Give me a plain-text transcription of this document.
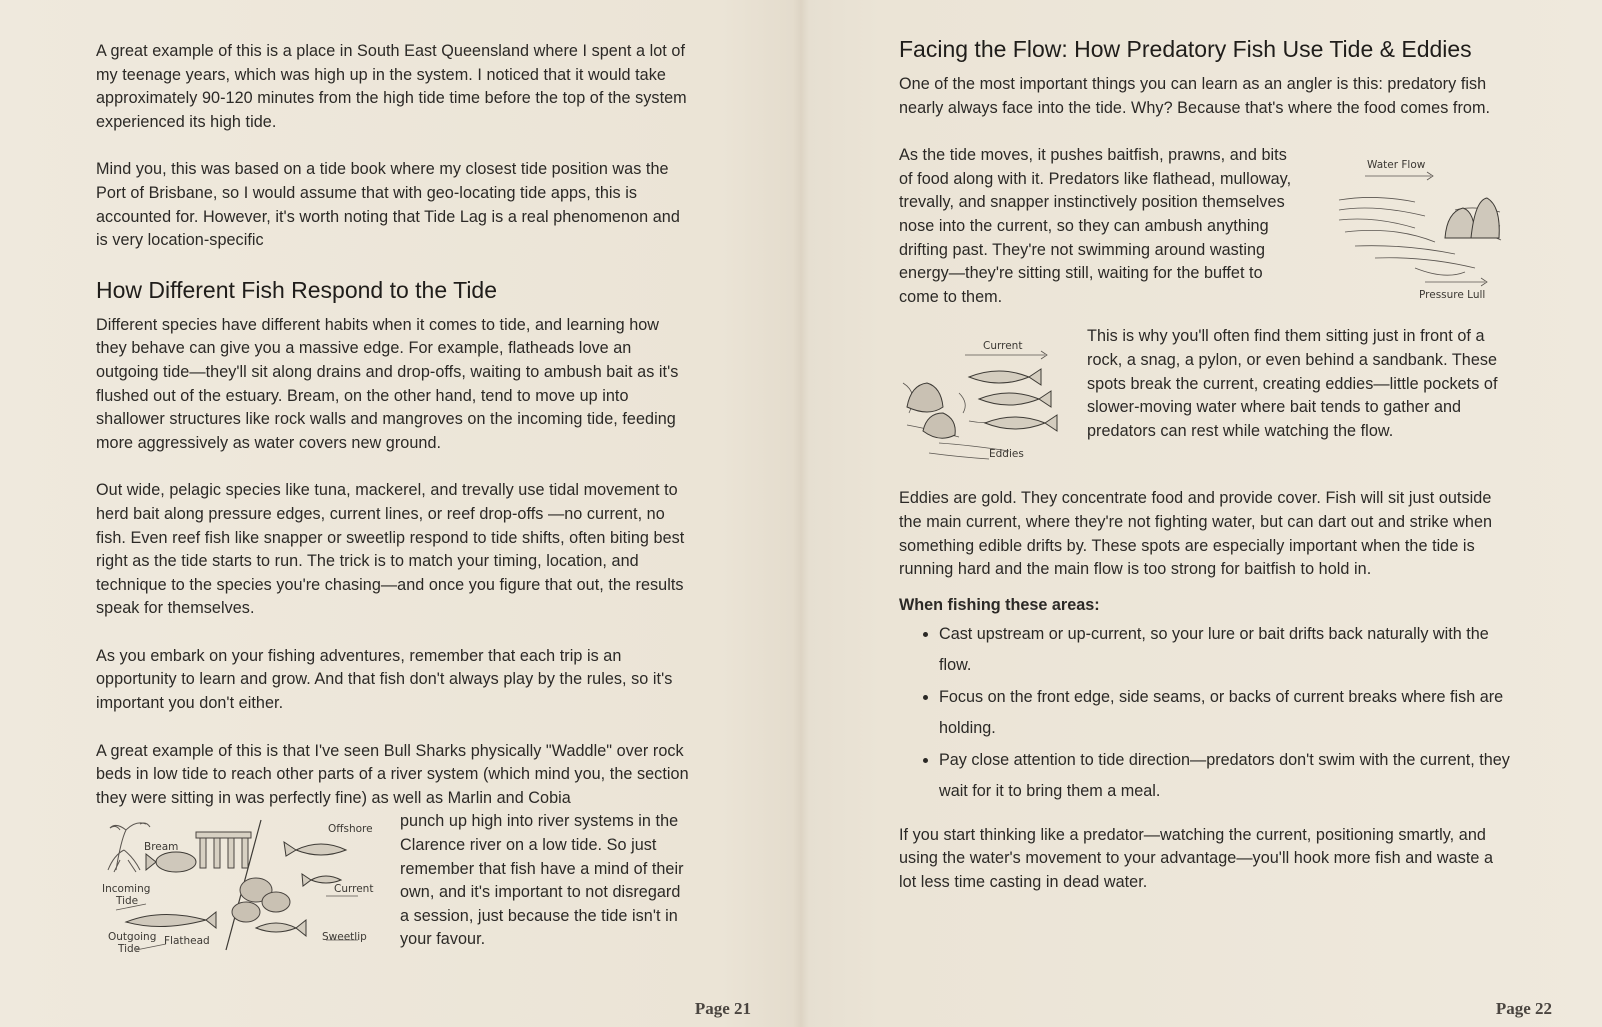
A great example of this is a place in South East Queensland where I spent a lot of my teenage years, which was high up in the system. I noticed that it would take approximately 90-120 minutes from the high tide time before the top of the system experienced its high tide.

Mind you, this was based on a tide book where my closest tide position was the Port of Brisbane, so I would assume that with geo-locating tide apps, this is accounted for. However, it's worth noting that Tide Lag is a real phenomenon and is very location-specific

How Different Fish Respond to the Tide

Different species have different habits when it comes to tide, and learning how they behave can give you a massive edge. For example, flatheads love an outgoing tide—they'll sit along drains and drop-offs, waiting to ambush bait as it's flushed out of the estuary. Bream, on the other hand, tend to move up into shallower structures like rock walls and mangroves on the incoming tide, feeding more aggressively as water covers new ground.

Out wide, pelagic species like tuna, mackerel, and trevally use tidal movement to herd bait along pressure edges, current lines, or reef drop-offs —no current, no fish. Even reef fish like snapper or sweetlip respond to tide shifts, often biting best right as the tide starts to run. The trick is to match your timing, location, and technique to the species you're chasing—and once you figure that out, the results speak for themselves.

As you embark on your fishing adventures, remember that each trip is an opportunity to learn and grow. And that fish don't always play by the rules, so it's important you don't either.

A great example of this is that I've seen Bull Sharks physically "Waddle" over rock beds in low tide to reach other parts of a river system (which mind you, the section they were sitting in was perfectly fine) as well as Marlin and Cobia

Bream
Offshore
Incoming
Tide
Current
Outgoing
Tide
Flathead	Sweetlip

punch up high into river systems in the Clarence river on a low tide. So just remember that fish have a mind of their own, and it's important to not disregard a session, just because the tide isn't in your favour.

Page 21
Facing the Flow: How Predatory Fish Use Tide & Eddies

One of the most important things you can learn as an angler is this: predatory fish nearly always face into the tide. Why? Because that's where the food comes from.

As the tide moves, it pushes baitfish, prawns, and bits of food along with it. Predators like flathead, mulloway, trevally, and snapper instinctively position themselves nose into the current, so they can ambush anything drifting past. They're not swimming around wasting energy—they're sitting still, waiting for the buffet to come to them.

Water Flow
Pressure Lull
Current
Eddies

This is why you'll often find them sitting just in front of a rock, a snag, a pylon, or even behind a sandbank. These spots break the current, creating eddies—little pockets of slower-moving water where bait tends to gather and predators can rest while watching the flow.

Eddies are gold. They concentrate food and provide cover. Fish will sit just outside the main current, where they're not fighting water, but can dart out and strike when something edible drifts by. These spots are especially important when the tide is running hard and the main flow is too strong for baitfish to hold in.

When fishing these areas:

• Cast upstream or up-current, so your lure or bait drifts back naturally with the flow.
• Focus on the front edge, side seams, or backs of current breaks where fish are holding.
• Pay close attention to tide direction—predators don't swim with the current, they wait for it to bring them a meal.

If you start thinking like a predator—watching the current, positioning smartly, and using the water's movement to your advantage—you'll hook more fish and waste a lot less time casting in dead water.

Page 22
